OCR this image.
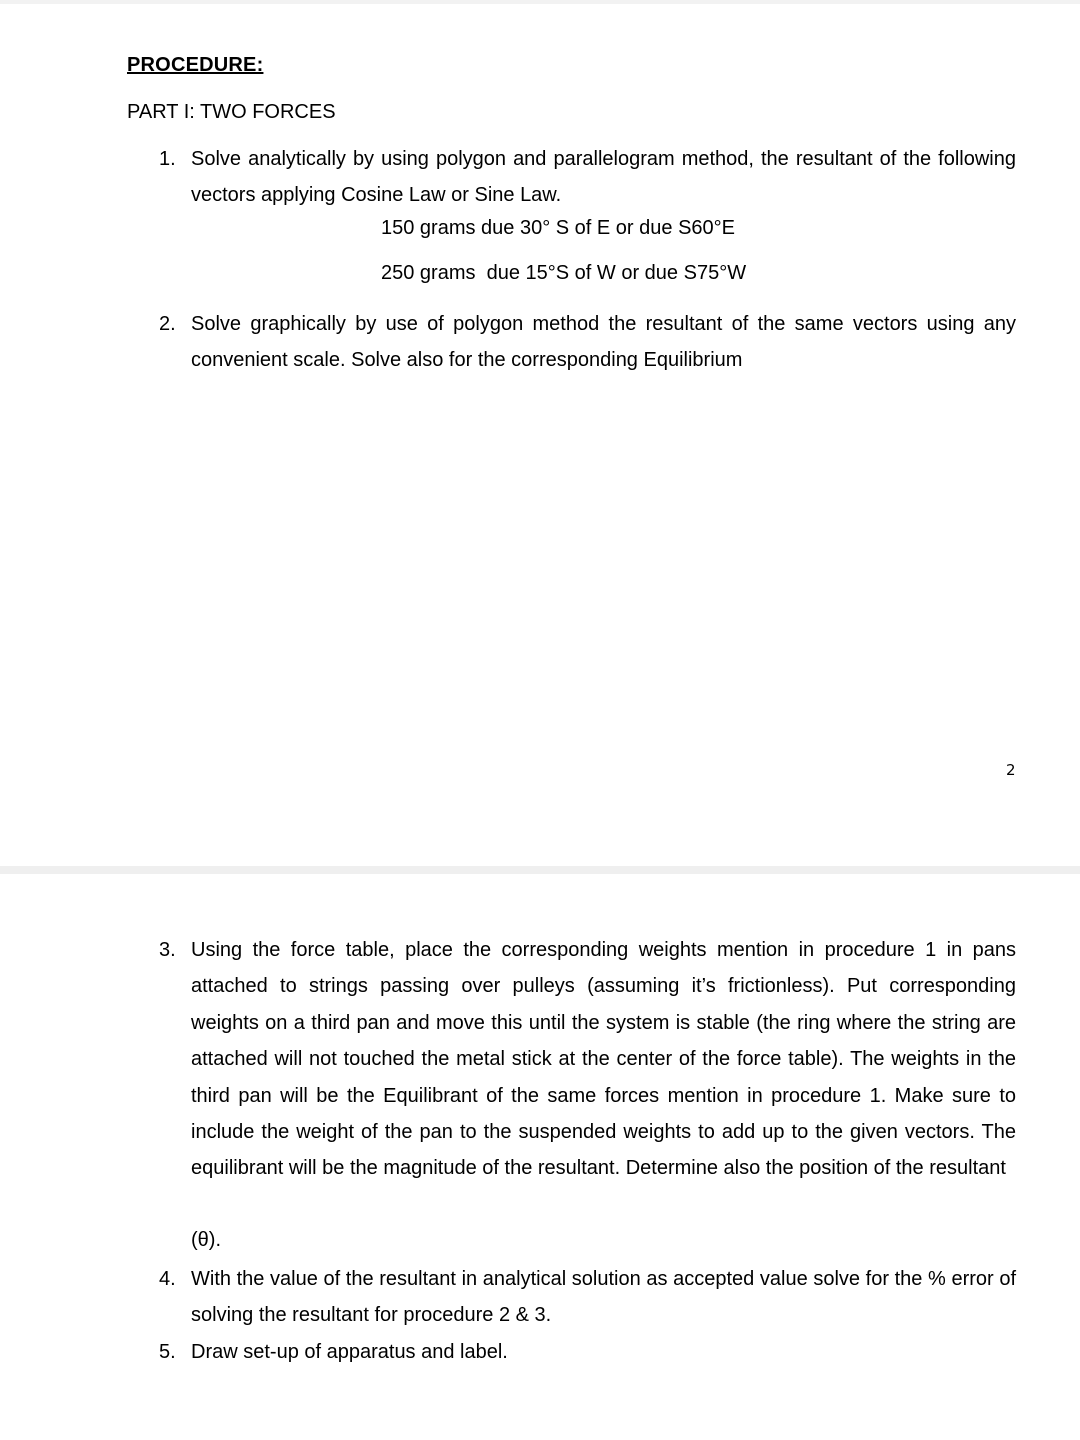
PROCEDURE:
PART I: TWO FORCES
1. Solve analytically by using polygon and parallelogram method, the resultant of the following vectors applying Cosine Law or Sine Law.
150 grams due 30° S of E or due S60°E
250 grams  due 15°S of W or due S75°W
2. Solve graphically by use of polygon method the resultant of the same vectors using any convenient scale. Solve also for the corresponding Equilibrium
2
3. Using the force table, place the corresponding weights mention in procedure 1 in pans attached to strings passing over pulleys (assuming it’s frictionless). Put corresponding weights on a third pan and move this until the system is stable (the ring where the string are attached will not touched the metal stick at the center of the force table). The weights in the third pan will be the Equilibrant of the same forces mention in procedure 1. Make sure to include the weight of the pan to the suspended weights to add up to the given vectors. The equilibrant will be the magnitude of the resultant. Determine also the position of the resultant
(θ).
4. With the value of the resultant in analytical solution as accepted value solve for the % error of solving the resultant for procedure 2 & 3.
5. Draw set-up of apparatus and label.
